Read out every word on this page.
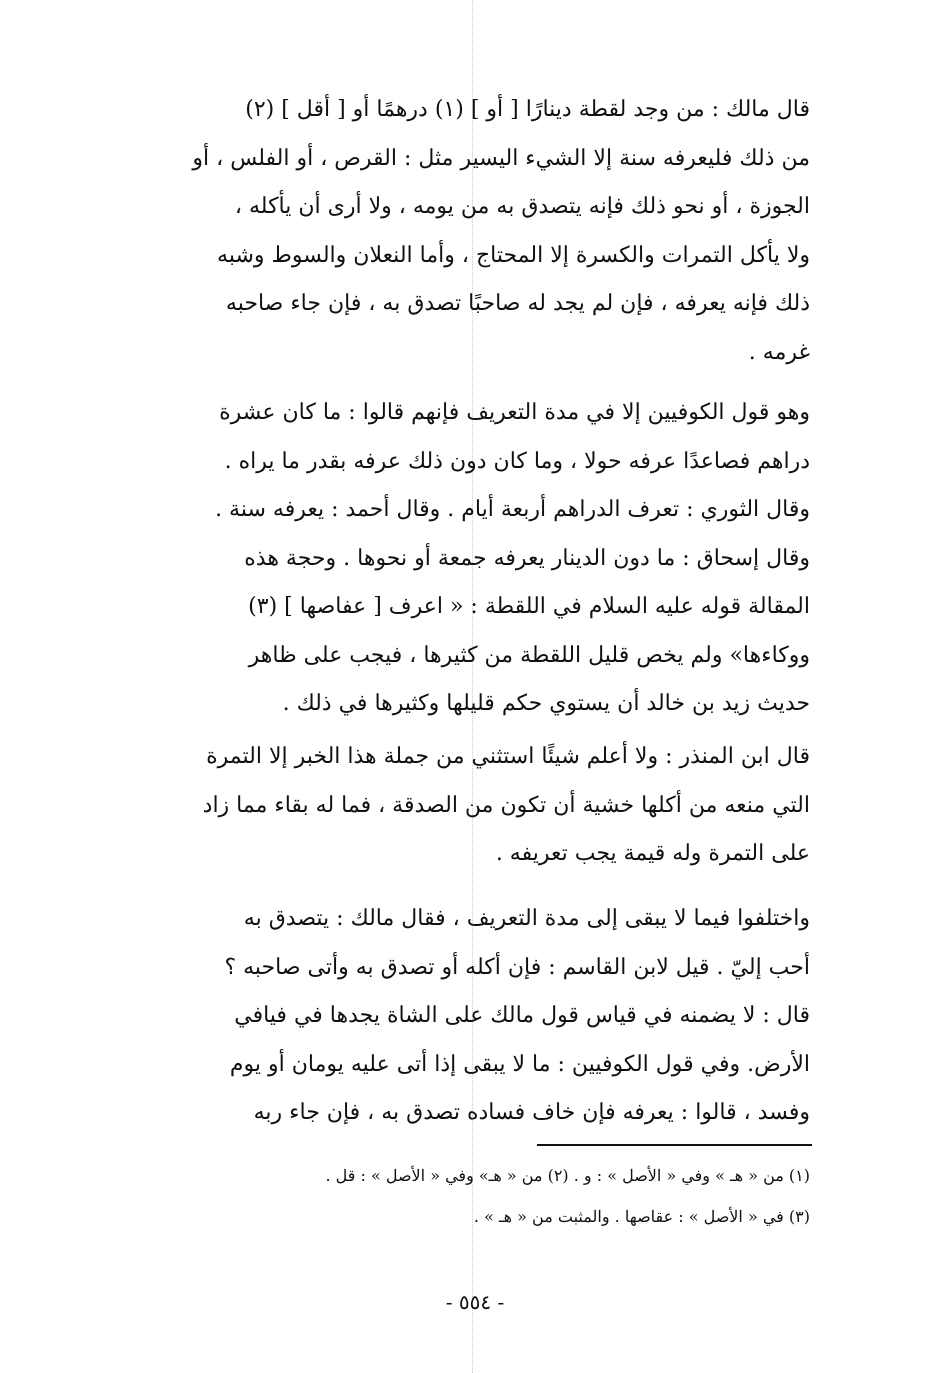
قال مالك : من وجد لقطة دينارًا [ أو ] (١) درهمًا أو [ أقل ] (٢)
من ذلك فليعرفه سنة إلا الشيء اليسير مثل : القرص ، أو الفلس ، أو
الجوزة ، أو نحو ذلك فإنه يتصدق به من يومه ، ولا أرى أن يأكله ،
ولا يأكل التمرات والكسرة إلا المحتاج ، وأما النعلان والسوط وشبه
ذلك فإنه يعرفه ، فإن لم يجد له صاحبًا تصدق به ، فإن جاء صاحبه
غرمه .
وهو قول الكوفيين إلا في مدة التعريف فإنهم قالوا : ما كان عشرة
دراهم فصاعدًا عرفه حولا ، وما كان دون ذلك عرفه بقدر ما يراه .
وقال الثوري : تعرف الدراهم أربعة أيام . وقال أحمد : يعرفه سنة .
وقال إسحاق : ما دون الدينار يعرفه جمعة أو نحوها . وحجة هذه
المقالة قوله عليه السلام في اللقطة : « اعرف [ عفاصها ] (٣)
ووكاءها» ولم يخص قليل اللقطة من كثيرها ، فيجب على ظاهر
حديث زيد بن خالد أن يستوي حكم قليلها وكثيرها في ذلك .
قال ابن المنذر : ولا أعلم شيئًا استثني من جملة هذا الخبر إلا التمرة
التي منعه من أكلها خشية أن تكون من الصدقة ، فما له بقاء مما زاد
على التمرة وله قيمة يجب تعريفه .
واختلفوا فيما لا يبقى إلى مدة التعريف ، فقال مالك : يتصدق به
أحب إليّ . قيل لابن القاسم : فإن أكله أو تصدق به وأتى صاحبه ؟
قال : لا يضمنه في قياس قول مالك على الشاة يجدها في فيافي
الأرض. وفي قول الكوفيين : ما لا يبقى إذا أتى عليه يومان أو يوم
وفسد ، قالوا : يعرفه فإن خاف فساده تصدق به ، فإن جاء ربه
(١) من « هـ » وفي « الأصل » : و . (٢) من « هـ» وفي « الأصل » : قل .
(٣) في « الأصل » : عقاصها . والمثبت من « هـ » .
- ٥٥٤ -
